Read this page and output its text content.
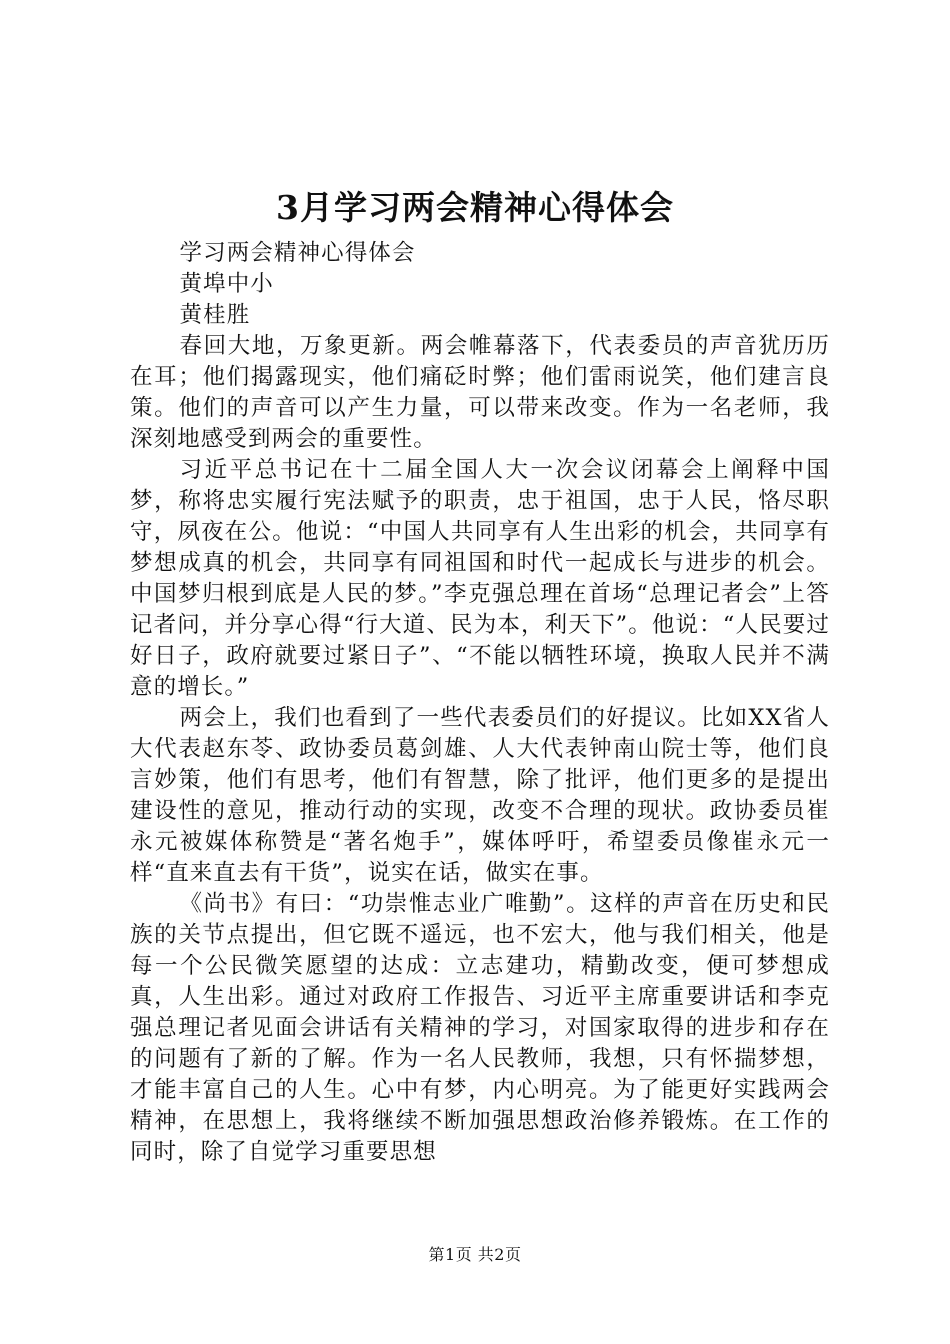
3月学习两会精神心得体会

学习两会精神心得体会

黄埠中小

黄桂胜

春回大地，万象更新。两会帷幕落下，代表委员的声音犹历历在耳；他们揭露现实，他们痛砭时弊；他们雷雨说笑，他们建言良策。他们的声音可以产生力量，可以带来改变。作为一名老师，我深刻地感受到两会的重要性。

习近平总书记在十二届全国人大一次会议闭幕会上阐释中国梦，称将忠实履行宪法赋予的职责，忠于祖国，忠于人民，恪尽职守，夙夜在公。他说：“中国人共同享有人生出彩的机会，共同享有梦想成真的机会，共同享有同祖国和时代一起成长与进步的机会。中国梦归根到底是人民的梦。”李克强总理在首场“总理记者会”上答记者问，并分享心得“行大道、民为本，利天下”。他说：“人民要过好日子，政府就要过紧日子”、“不能以牺牲环境，换取人民并不满意的增长。”

两会上，我们也看到了一些代表委员们的好提议。比如XX省人大代表赵东苓、政协委员葛剑雄、人大代表钟南山院士等，他们良言妙策，他们有思考，他们有智慧，除了批评，他们更多的是提出建设性的意见，推动行动的实现，改变不合理的现状。政协委员崔永元被媒体称赞是“著名炮手”，媒体呼吁，希望委员像崔永元一样“直来直去有干货”，说实在话，做实在事。

《尚书》有曰：“功崇惟志业广唯勤”。这样的声音在历史和民族的关节点提出，但它既不遥远，也不宏大，他与我们相关，他是每一个公民微笑愿望的达成：立志建功，精勤改变，便可梦想成真，人生出彩。通过对政府工作报告、习近平主席重要讲话和李克强总理记者见面会讲话有关精神的学习，对国家取得的进步和存在的问题有了新的了解。作为一名人民教师，我想，只有怀揣梦想，才能丰富自己的人生。心中有梦，内心明亮。为了能更好实践两会精神，在思想上，我将继续不断加强思想政治修养锻炼。在工作的同时，除了自觉学习重要思想

第1页 共2页
